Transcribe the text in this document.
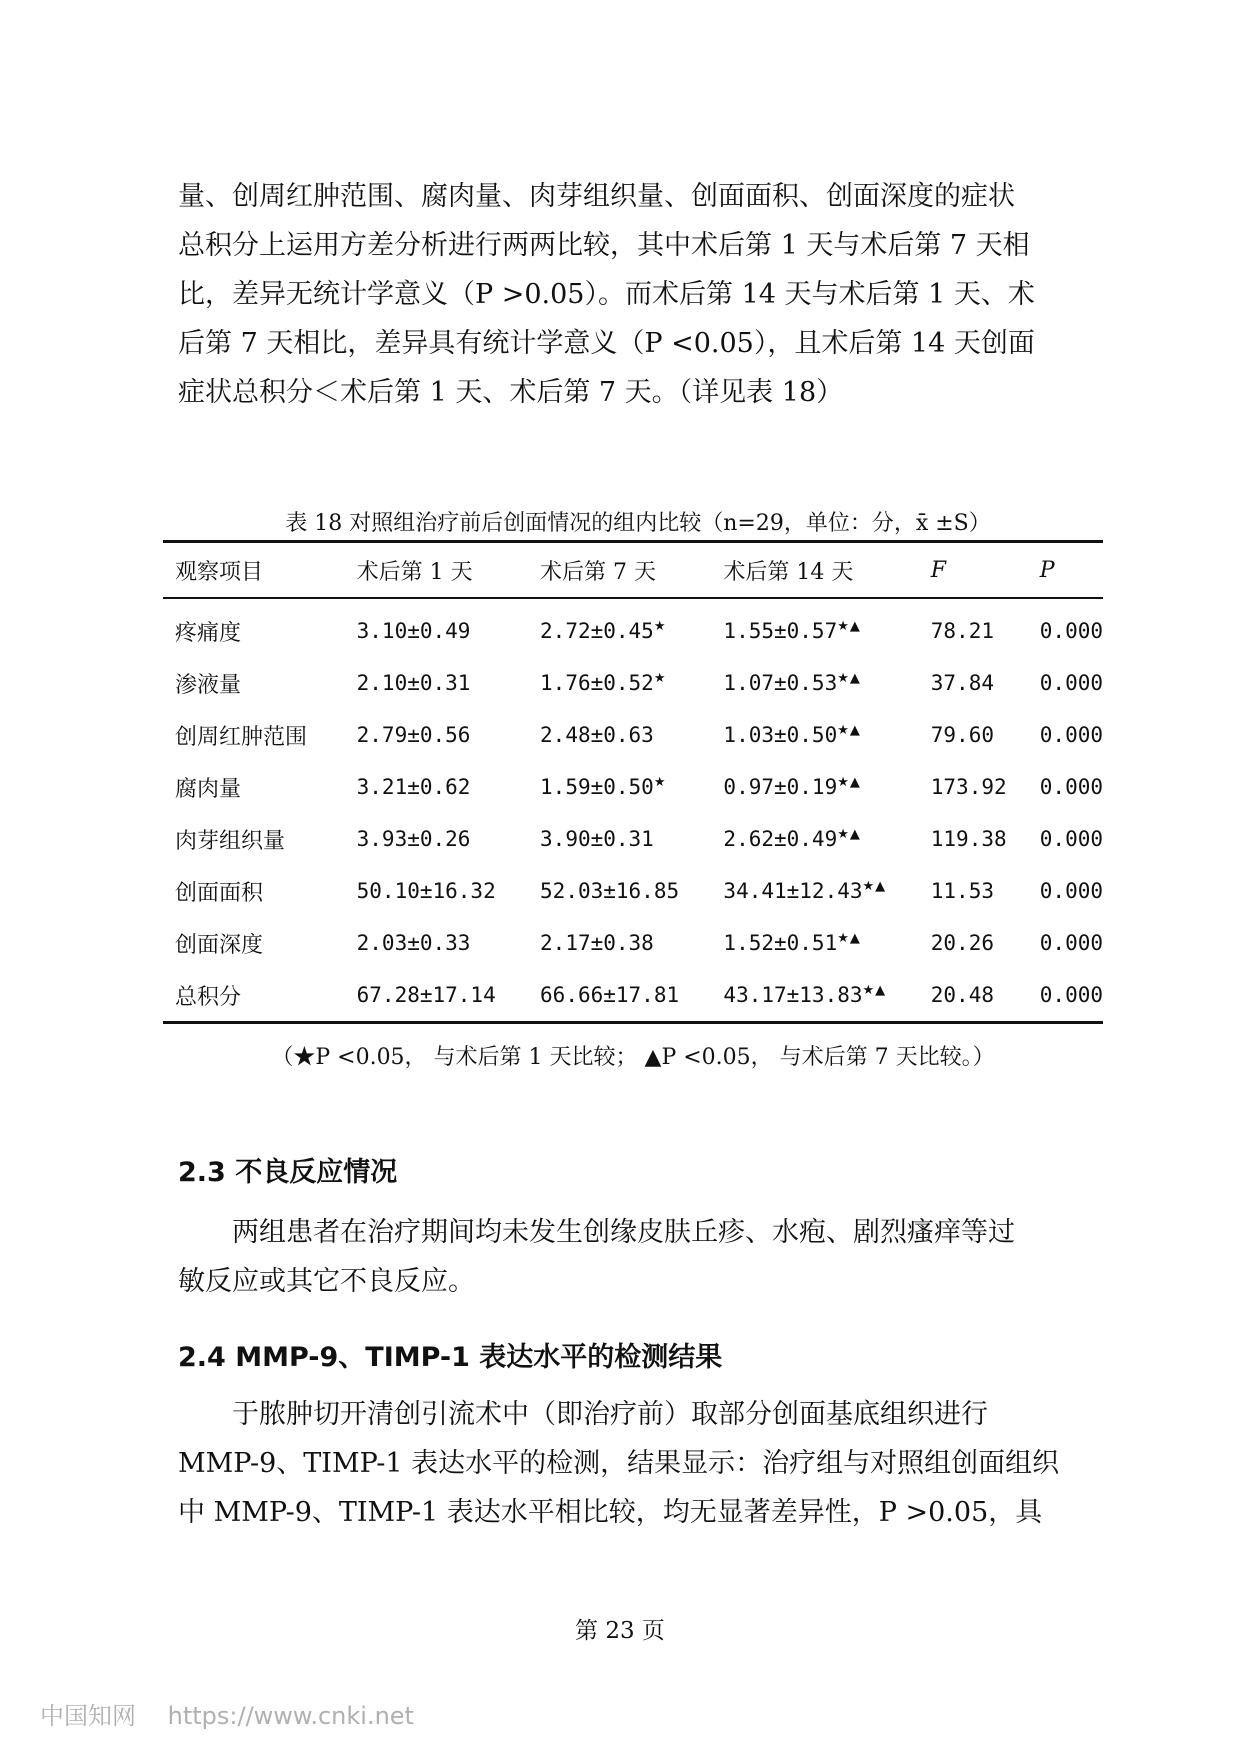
量、创周红肿范围、腐肉量、肉芽组织量、创面面积、创面深度的症状
总积分上运用方差分析进行两两比较，其中术后第 1 天与术后第 7 天相
比，差异无统计学意义（P >0.05）。而术后第 14 天与术后第 1 天、术
后第 7 天相比，差异具有统计学意义（P <0.05），且术后第 14 天创面
症状总积分＜术后第 1 天、术后第 7 天。（详见表 18）
表 18 对照组治疗前后创面情况的组内比较（n=29，单位：分，x̄ ±S）
观察项目	术后第 1 天	术后第 7 天	术后第 14 天	F	P
疼痛度	3.10±0.49	2.72±0.45★	1.55±0.57★▲	78.21	0.000
渗液量	2.10±0.31	1.76±0.52★	1.07±0.53★▲	37.84	0.000
创周红肿范围	2.79±0.56	2.48±0.63	1.03±0.50★▲	79.60	0.000
腐肉量	3.21±0.62	1.59±0.50★	0.97±0.19★▲	173.92	0.000
肉芽组织量	3.93±0.26	3.90±0.31	2.62±0.49★▲	119.38	0.000
创面面积	50.10±16.32	52.03±16.85	34.41±12.43★▲	11.53	0.000
创面深度	2.03±0.33	2.17±0.38	1.52±0.51★▲	20.26	0.000
总积分	67.28±17.14	66.66±17.81	43.17±13.83★▲	20.48	0.000
（★P <0.05， 与术后第 1 天比较； ▲P <0.05， 与术后第 7 天比较。）
2.3 不良反应情况
两组患者在治疗期间均未发生创缘皮肤丘疹、水疱、剧烈瘙痒等过
敏反应或其它不良反应。
2.4 MMP-9、TIMP-1 表达水平的检测结果
于脓肿切开清创引流术中（即治疗前）取部分创面基底组织进行
MMP-9、TIMP-1 表达水平的检测，结果显示：治疗组与对照组创面组织
中 MMP-9、TIMP-1 表达水平相比较，均无显著差异性，P >0.05，具
第 23 页
中国知网 https://www.cnki.net
